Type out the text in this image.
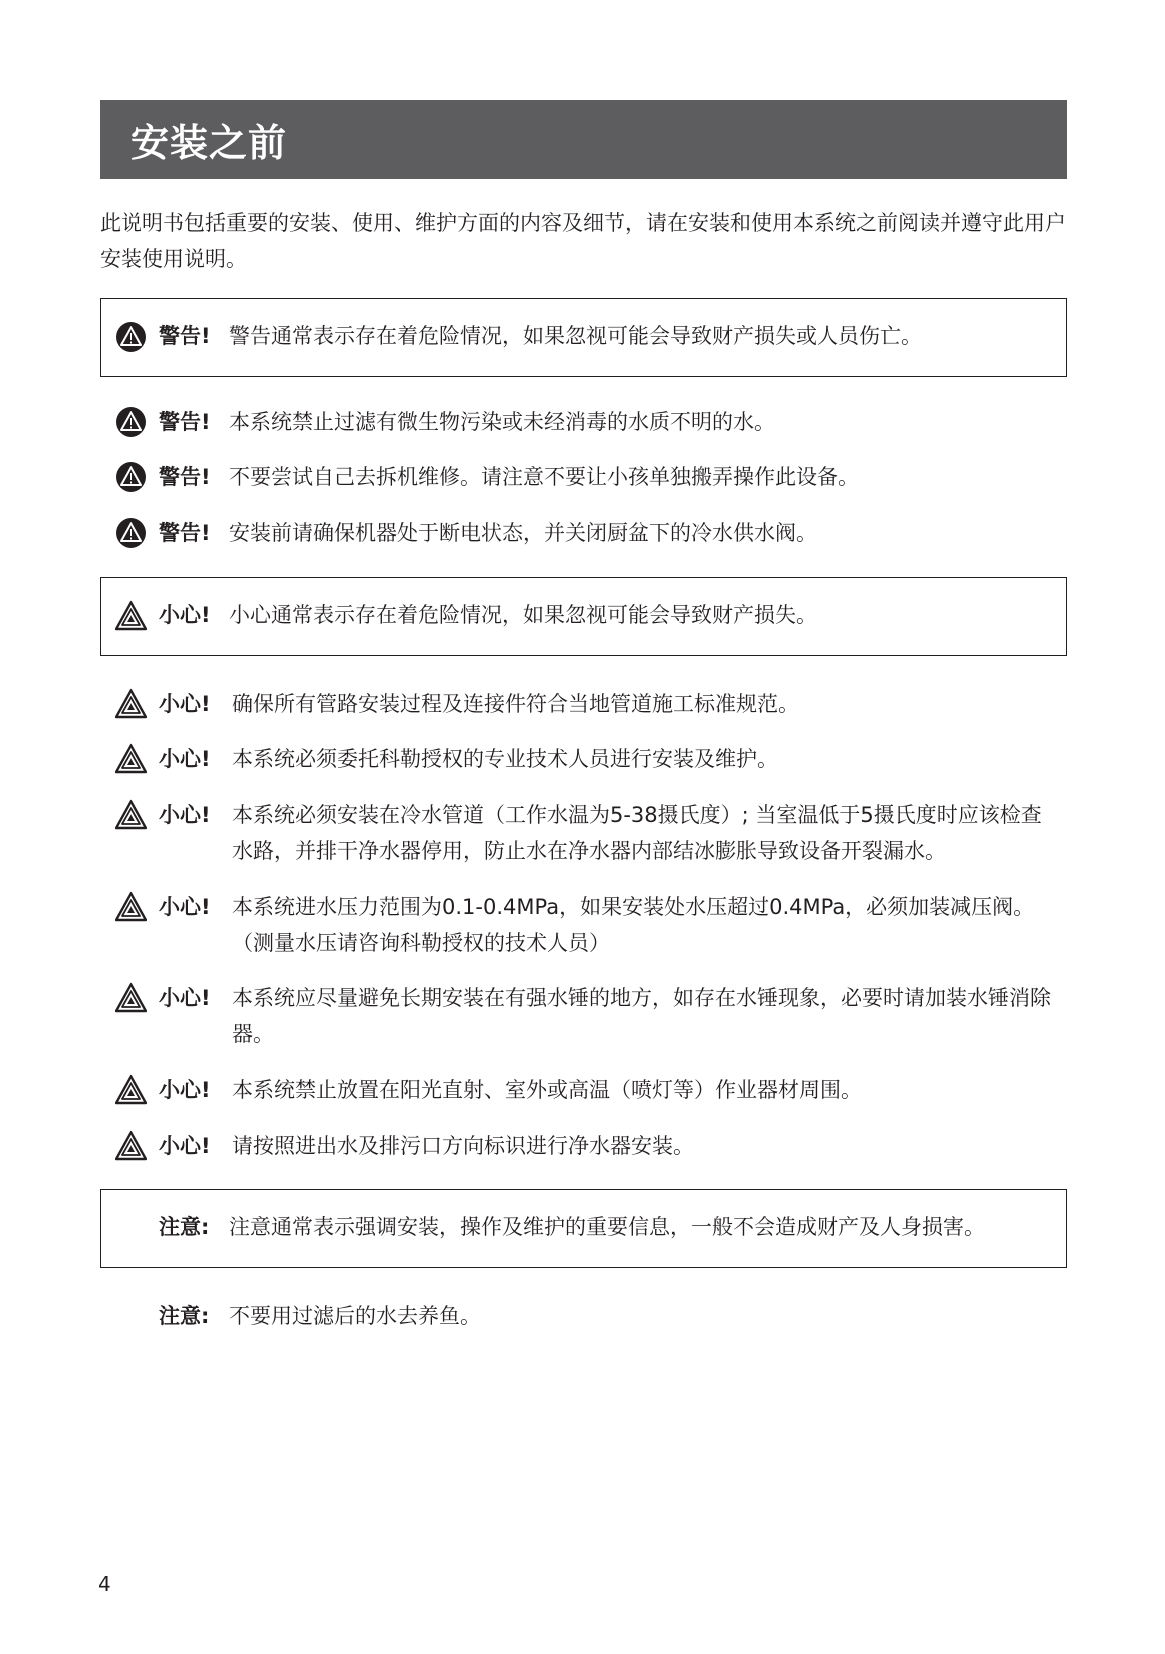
安装之前

此说明书包括重要的安装、使用、维护方面的内容及细节，请在安装和使用本系统之前阅读并遵守此用户安装使用说明。

警告! 警告通常表示存在着危险情况，如果忽视可能会导致财产损失或人员伤亡。
警告! 本系统禁止过滤有微生物污染或未经消毒的水质不明的水。
警告! 不要尝试自己去拆机维修。请注意不要让小孩单独搬弄操作此设备。
警告! 安装前请确保机器处于断电状态，并关闭厨盆下的冷水供水阀。
小心! 小心通常表示存在着危险情况，如果忽视可能会导致财产损失。
小心! 确保所有管路安装过程及连接件符合当地管道施工标准规范。
小心! 本系统必须委托科勒授权的专业技术人员进行安装及维护。
小心! 本系统必须安装在冷水管道（工作水温为5-38摄氏度）; 当室温低于5摄氏度时应该检查水路，并排干净水器停用，防止水在净水器内部结冰膨胀导致设备开裂漏水。
小心! 本系统进水压力范围为0.1-0.4MPa，如果安装处水压超过0.4MPa，必须加装减压阀。（测量水压请咨询科勒授权的技术人员）
小心! 本系统应尽量避免长期安装在有强水锤的地方，如存在水锤现象，必要时请加装水锤消除器。
小心! 本系统禁止放置在阳光直射、室外或高温（喷灯等）作业器材周围。
小心! 请按照进出水及排污口方向标识进行净水器安装。
注意: 注意通常表示强调安装，操作及维护的重要信息，一般不会造成财产及人身损害。
注意: 不要用过滤后的水去养鱼。

4
